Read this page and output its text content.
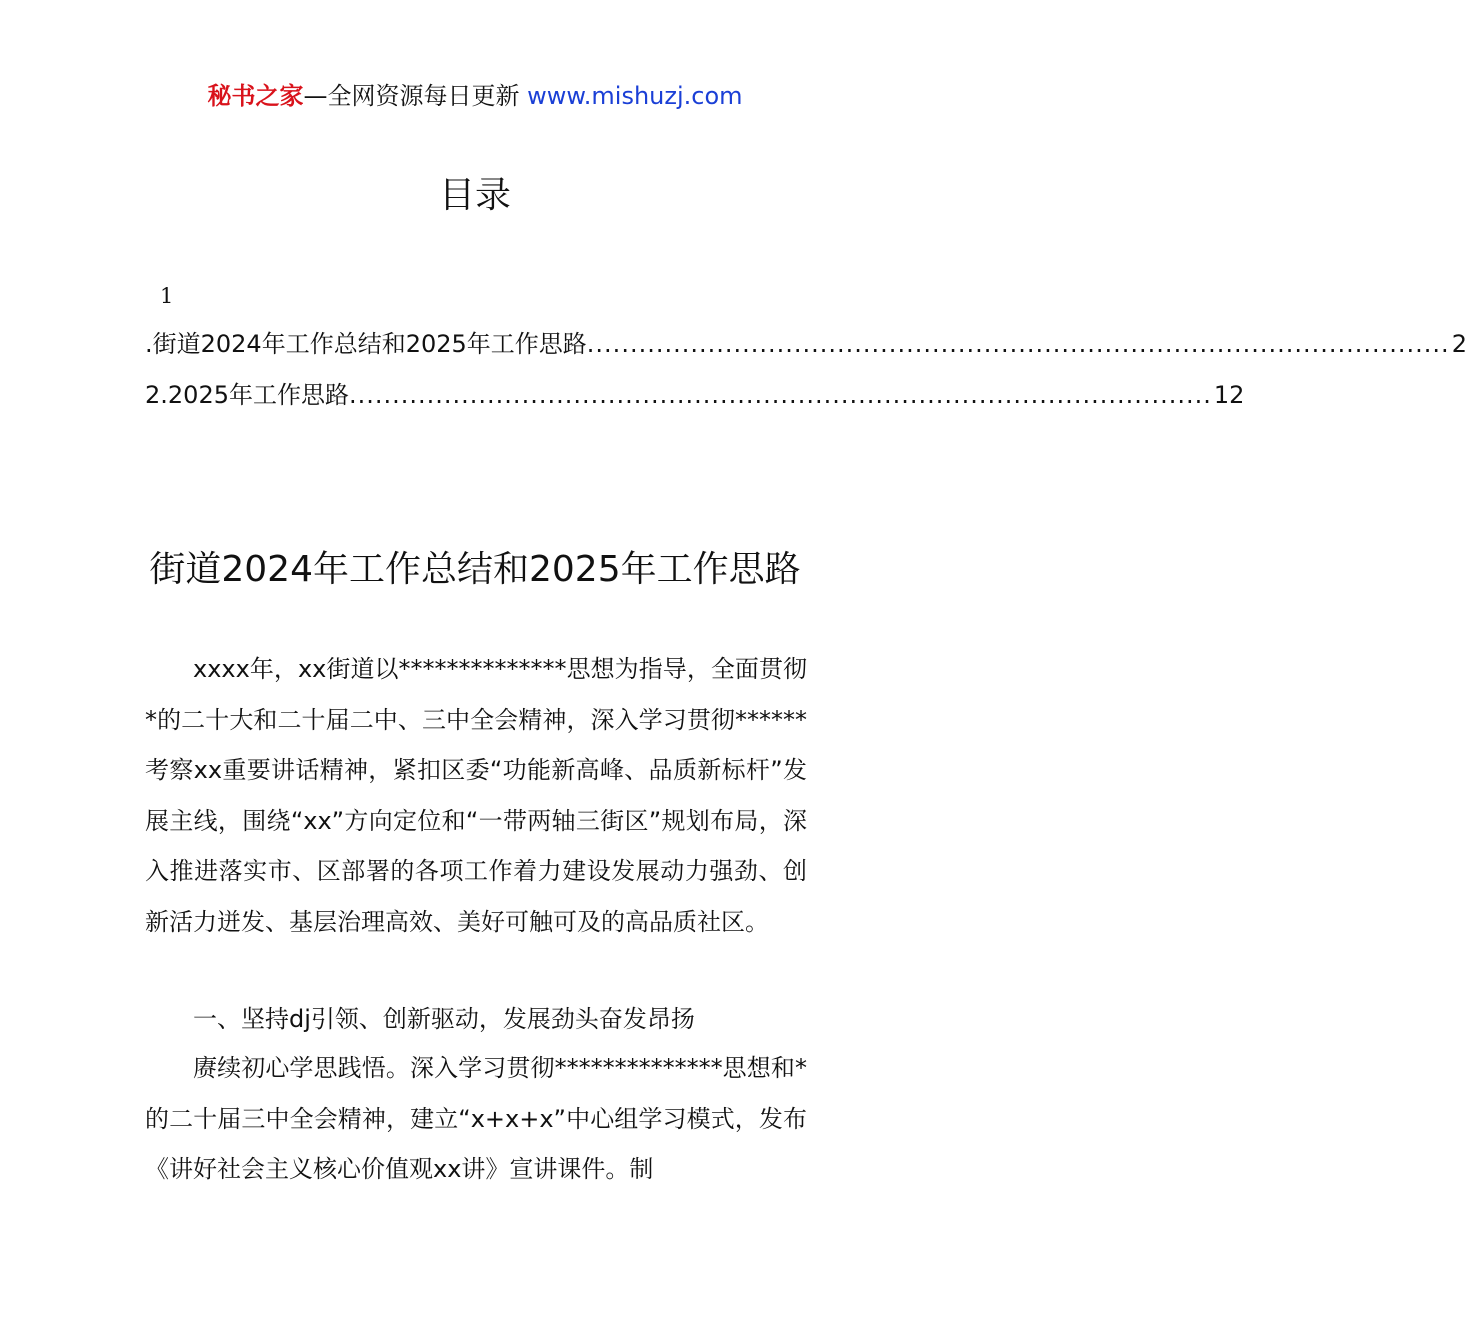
秘书之家—全网资源每日更新 www.mishuzj.com
目录
1
.街道2024年工作总结和2025年工作思路 .................................................................................................... 2
2.2025年工作思路 .................................................................................................... 12
街道2024年工作总结和2025年工作思路

xxxx年，xx街道以**************思想为指导，全面贯彻*的二十大和二十届二中、三中全会精神，深入学习贯彻******考察xx重要讲话精神，紧扣区委“功能新高峰、品质新标杆”发展主线，围绕“xx”方向定位和“一带两轴三街区”规划布局，深入推进落实市、区部署的各项工作着力建设发展动力强劲、创新活力迸发、基层治理高效、美好可触可及的高品质社区。

一、坚持dj引领、创新驱动，发展劲头奋发昂扬

赓续初心学思践悟。深入学习贯彻**************思想和*的二十届三中全会精神，建立“x+x+x”中心组学习模式，发布《讲好社会主义核心价值观xx讲》宣讲课件。制
